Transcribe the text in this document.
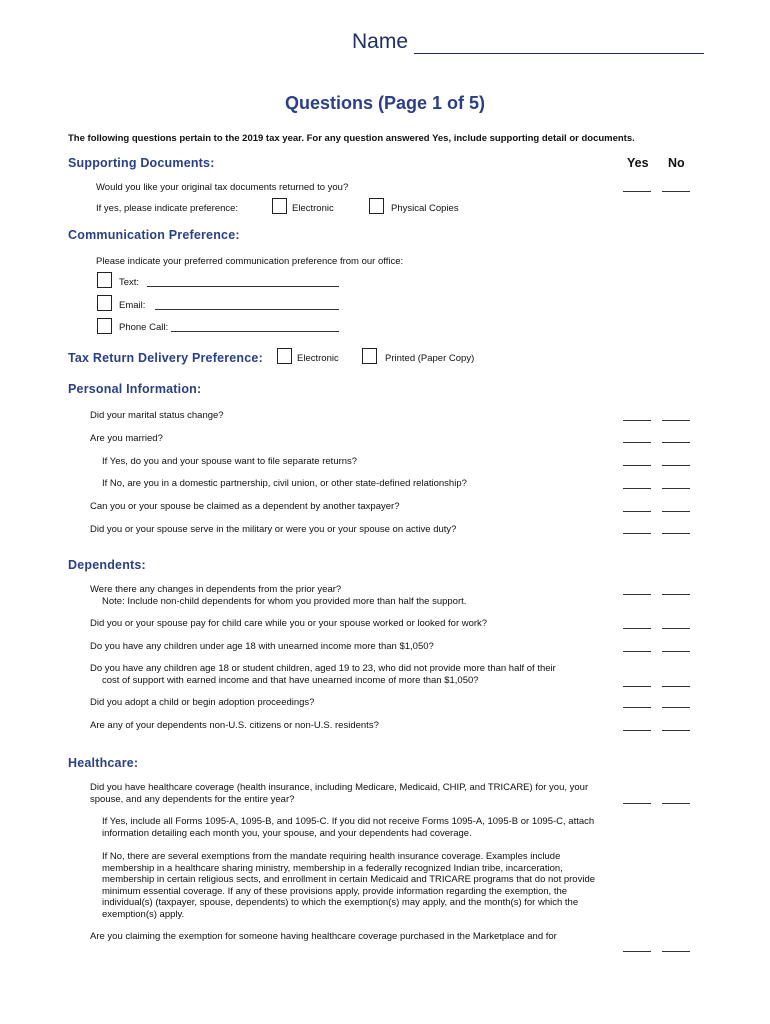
Name
Questions (Page 1 of 5)
The following questions pertain to the 2019 tax year. For any question answered Yes, include supporting detail or documents.
Supporting Documents:	Yes No
Would you like your original tax documents returned to you?
If yes, please indicate preference:	Electronic	Physical Copies
Communication Preference:
Please indicate your preferred communication preference from our office:
Text:
Email:
Phone Call:
Tax Return Delivery Preference:	Electronic	Printed (Paper Copy)
Personal Information:
Did your marital status change?
Are you married?
If Yes, do you and your spouse want to file separate returns?
If No, are you in a domestic partnership, civil union, or other state-defined relationship?
Can you or your spouse be claimed as a dependent by another taxpayer?
Did you or your spouse serve in the military or were you or your spouse on active duty?
Dependents:
Were there any changes in dependents from the prior year?
Note: Include non-child dependents for whom you provided more than half the support.
Did you or your spouse pay for child care while you or your spouse worked or looked for work?
Do you have any children under age 18 with unearned income more than $1,050?
Do you have any children age 18 or student children, aged 19 to 23, who did not provide more than half of their
cost of support with earned income and that have unearned income of more than $1,050?
Did you adopt a child or begin adoption proceedings?
Are any of your dependents non-U.S. citizens or non-U.S. residents?
Healthcare:
Did you have healthcare coverage (health insurance, including Medicare, Medicaid, CHIP, and TRICARE) for you, your spouse, and any dependents for the entire year?
If Yes, include all Forms 1095-A, 1095-B, and 1095-C. If you did not receive Forms 1095-A, 1095-B or 1095-C, attach information detailing each month you, your spouse, and your dependents had coverage.
If No, there are several exemptions from the mandate requiring health insurance coverage. Examples include membership in a healthcare sharing ministry, membership in a federally recognized Indian tribe, incarceration, membership in certain religious sects, and enrollment in certain Medicaid and TRICARE programs that do not provide minimum essential coverage. If any of these provisions apply, provide information regarding the exemption, the individual(s) (taxpayer, spouse, dependents) to which the exemption(s) may apply, and the month(s) for which the exemption(s) apply.
Are you claiming the exemption for someone having healthcare coverage purchased in the Marketplace and for
